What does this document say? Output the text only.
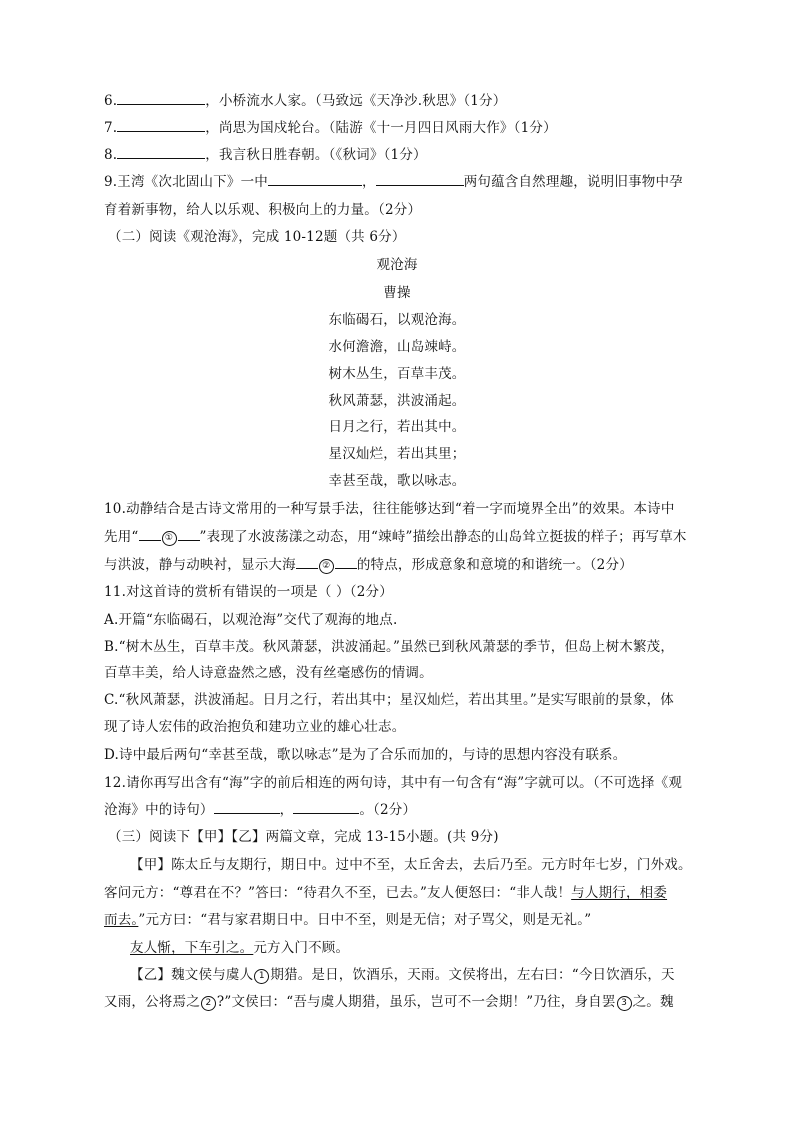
6.	，小桥流水人家。（马致远《天净沙.秋思》（1分）
7.	，尚思为国戍轮台。（陆游《十一月四日风雨大作》（1分）
8.	，我言秋日胜春朝。（《秋词》（1分）
9.王湾《次北固山下》一中	，	两句蕴含自然理趣，说明旧事物中孕
育着新事物，给人以乐观、积极向上的力量。（2分）
（二）阅读《观沧海》，完成 10-12题（共 6分）
观沧海
曹操
东临碣石，以观沧海。
水何澹澹，山岛竦峙。
树木丛生，百草丰茂。
秋风萧瑟，洪波涌起。
日月之行，若出其中。
星汉灿烂，若出其里；
幸甚至哉，歌以咏志。
10.动静结合是古诗文常用的一种写景手法，往往能够达到“着一字而境界全出”的效果。本诗中
先用“	① ”表现了水波荡漾之动态，用“竦峙”描绘出静态的山岛耸立挺拔的样子；再写草木
与洪波，静与动映衬，显示大海	② 的特点，形成意象和意境的和谐统一。（2分）
11.对这首诗的赏析有错误的一项是（ ）（2分）
A.开篇“东临碣石，以观沧海”交代了观海的地点.
B.“树木丛生，百草丰茂。秋风萧瑟，洪波涌起。”虽然已到秋风萧瑟的季节，但岛上树木繁茂，
百草丰美，给人诗意盎然之感，没有丝毫感伤的情调。
C.“秋风萧瑟，洪波涌起。日月之行，若出其中；星汉灿烂，若出其里。”是实写眼前的景象，体
现了诗人宏伟的政治抱负和建功立业的雄心壮志。
D.诗中最后两句“幸甚至哉，歌以咏志”是为了合乐而加的，与诗的思想内容没有联系。
12.请你再写出含有“海”字的前后相连的两句诗，其中有一句含有“海”字就可以。（不可选择《观
沧海》中的诗句）	，	。（2分）
（三）阅读下【甲】【乙】两篇文章，完成 13-15小题。(共 9分)
【甲】陈太丘与友期行，期日中。过中不至，太丘舍去，去后乃至。元方时年七岁，门外戏。
客问元方：“尊君在不？”答曰：“待君久不至，已去。”友人便怒曰：“非人哉！与人期行，相委
而去。”元方曰：“君与家君期日中。日中不至，则是无信；对子骂父，则是无礼。”
友人惭，下车引之。元方入门不顾。
【乙】魏文侯与虞人 1 期猎。是日，饮酒乐，天雨。文侯将出，左右曰：“今日饮酒乐，天
又雨，公将焉之 2 ?”文侯曰：“吾与虞人期猎，虽乐，岂可不一会期！”乃往，身自罢 3 之。魏
